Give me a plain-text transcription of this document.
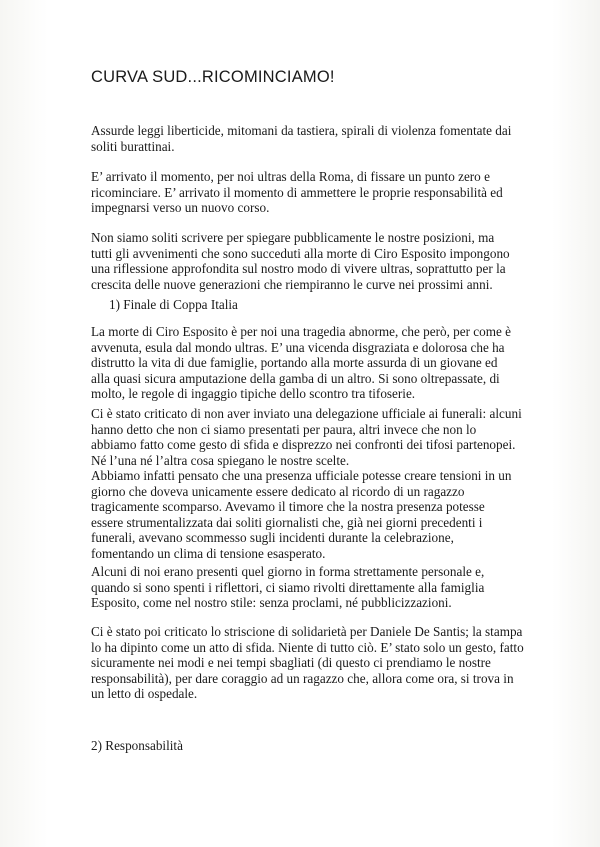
CURVA SUD...RICOMINCIAMO!

Assurde leggi liberticide, mitomani da tastiera, spirali di violenza fomentate dai
soliti burattinai.

E’ arrivato il momento, per noi ultras della Roma, di fissare un punto zero e
ricominciare. E’ arrivato il momento di ammettere le proprie responsabilità ed
impegnarsi verso un nuovo corso.

Non siamo soliti scrivere per spiegare pubblicamente le nostre posizioni, ma
tutti gli avvenimenti che sono succeduti alla morte di Ciro Esposito impongono
una riflessione approfondita sul nostro modo di vivere ultras, soprattutto per la
crescita delle nuove generazioni che riempiranno le curve nei prossimi anni.

1) Finale di Coppa Italia

La morte di Ciro Esposito è per noi una tragedia abnorme, che però, per come è
avvenuta, esula dal mondo ultras. E’ una vicenda disgraziata e dolorosa che ha
distrutto la vita di due famiglie, portando alla morte assurda di un giovane ed
alla quasi sicura amputazione della gamba di un altro. Si sono oltrepassate, di
molto, le regole di ingaggio tipiche dello scontro tra tifoserie.

Ci è stato criticato di non aver inviato una delegazione ufficiale ai funerali: alcuni
hanno detto che non ci siamo presentati per paura, altri invece che non lo
abbiamo fatto come gesto di sfida e disprezzo nei confronti dei tifosi partenopei.
Né l’una né l’altra cosa spiegano le nostre scelte.
Abbiamo infatti pensato che una presenza ufficiale potesse creare tensioni in un
giorno che doveva unicamente essere dedicato al ricordo di un ragazzo
tragicamente scomparso. Avevamo il timore che la nostra presenza potesse
essere strumentalizzata dai soliti giornalisti che, già nei giorni precedenti i
funerali, avevano scommesso sugli incidenti durante la celebrazione,
fomentando un clima di tensione esasperato.

Alcuni di noi erano presenti quel giorno in forma strettamente personale e,
quando si sono spenti i riflettori, ci siamo rivolti direttamente alla famiglia
Esposito, come nel nostro stile: senza proclami, né pubblicizzazioni.

Ci è stato poi criticato lo striscione di solidarietà per Daniele De Santis; la stampa
lo ha dipinto come un atto di sfida. Niente di tutto ciò. E’ stato solo un gesto, fatto
sicuramente nei modi e nei tempi sbagliati (di questo ci prendiamo le nostre
responsabilità), per dare coraggio ad un ragazzo che, allora come ora, si trova in
un letto di ospedale.

2) Responsabilità
